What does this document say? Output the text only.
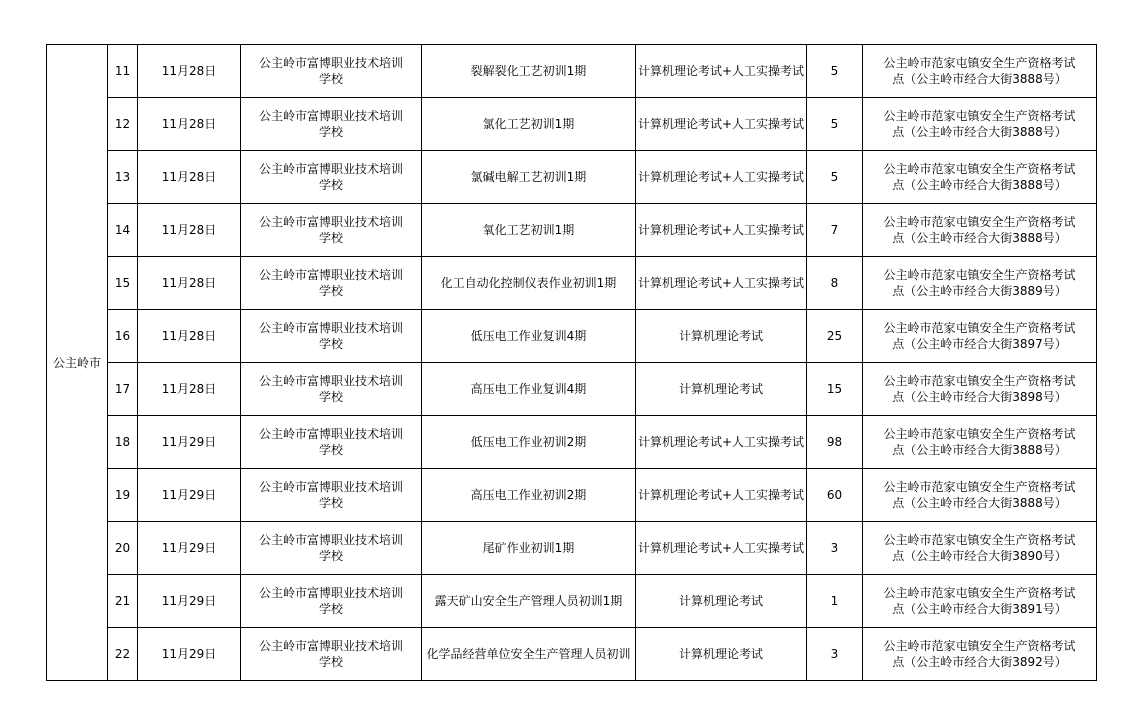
公主岭市	11	11月28日	公主岭市富博职业技术培训
学校	裂解裂化工艺初训1期	计算机理论考试+人工实操考试	5	公主岭市范家屯镇安全生产资格考试
点（公主岭市经合大街3888号）

	12	11月28日	公主岭市富博职业技术培训
学校	氯化工艺初训1期	计算机理论考试+人工实操考试	5	公主岭市范家屯镇安全生产资格考试
点（公主岭市经合大街3888号）

	13	11月28日	公主岭市富博职业技术培训
学校	氯碱电解工艺初训1期	计算机理论考试+人工实操考试	5	公主岭市范家屯镇安全生产资格考试
点（公主岭市经合大街3888号）

	14	11月28日	公主岭市富博职业技术培训
学校	氧化工艺初训1期	计算机理论考试+人工实操考试	7	公主岭市范家屯镇安全生产资格考试
点（公主岭市经合大街3888号）

	15	11月28日	公主岭市富博职业技术培训
学校	化工自动化控制仪表作业初训1期	计算机理论考试+人工实操考试	8	公主岭市范家屯镇安全生产资格考试
点（公主岭市经合大街3889号）

	16	11月28日	公主岭市富博职业技术培训
学校	低压电工作业复训4期	计算机理论考试	25	公主岭市范家屯镇安全生产资格考试
点（公主岭市经合大街3897号）

	17	11月28日	公主岭市富博职业技术培训
学校	高压电工作业复训4期	计算机理论考试	15	公主岭市范家屯镇安全生产资格考试
点（公主岭市经合大街3898号）

	18	11月29日	公主岭市富博职业技术培训
学校	低压电工作业初训2期	计算机理论考试+人工实操考试	98	公主岭市范家屯镇安全生产资格考试
点（公主岭市经合大街3888号）

	19	11月29日	公主岭市富博职业技术培训
学校	高压电工作业初训2期	计算机理论考试+人工实操考试	60	公主岭市范家屯镇安全生产资格考试
点（公主岭市经合大街3888号）

	20	11月29日	公主岭市富博职业技术培训
学校	尾矿作业初训1期	计算机理论考试+人工实操考试	3	公主岭市范家屯镇安全生产资格考试
点（公主岭市经合大街3890号）

	21	11月29日	公主岭市富博职业技术培训
学校	露天矿山安全生产管理人员初训1期	计算机理论考试	1	公主岭市范家屯镇安全生产资格考试
点（公主岭市经合大街3891号）

	22	11月29日	公主岭市富博职业技术培训
学校	化学品经营单位安全生产管理人员初训	计算机理论考试	3	公主岭市范家屯镇安全生产资格考试
点（公主岭市经合大街3892号）
